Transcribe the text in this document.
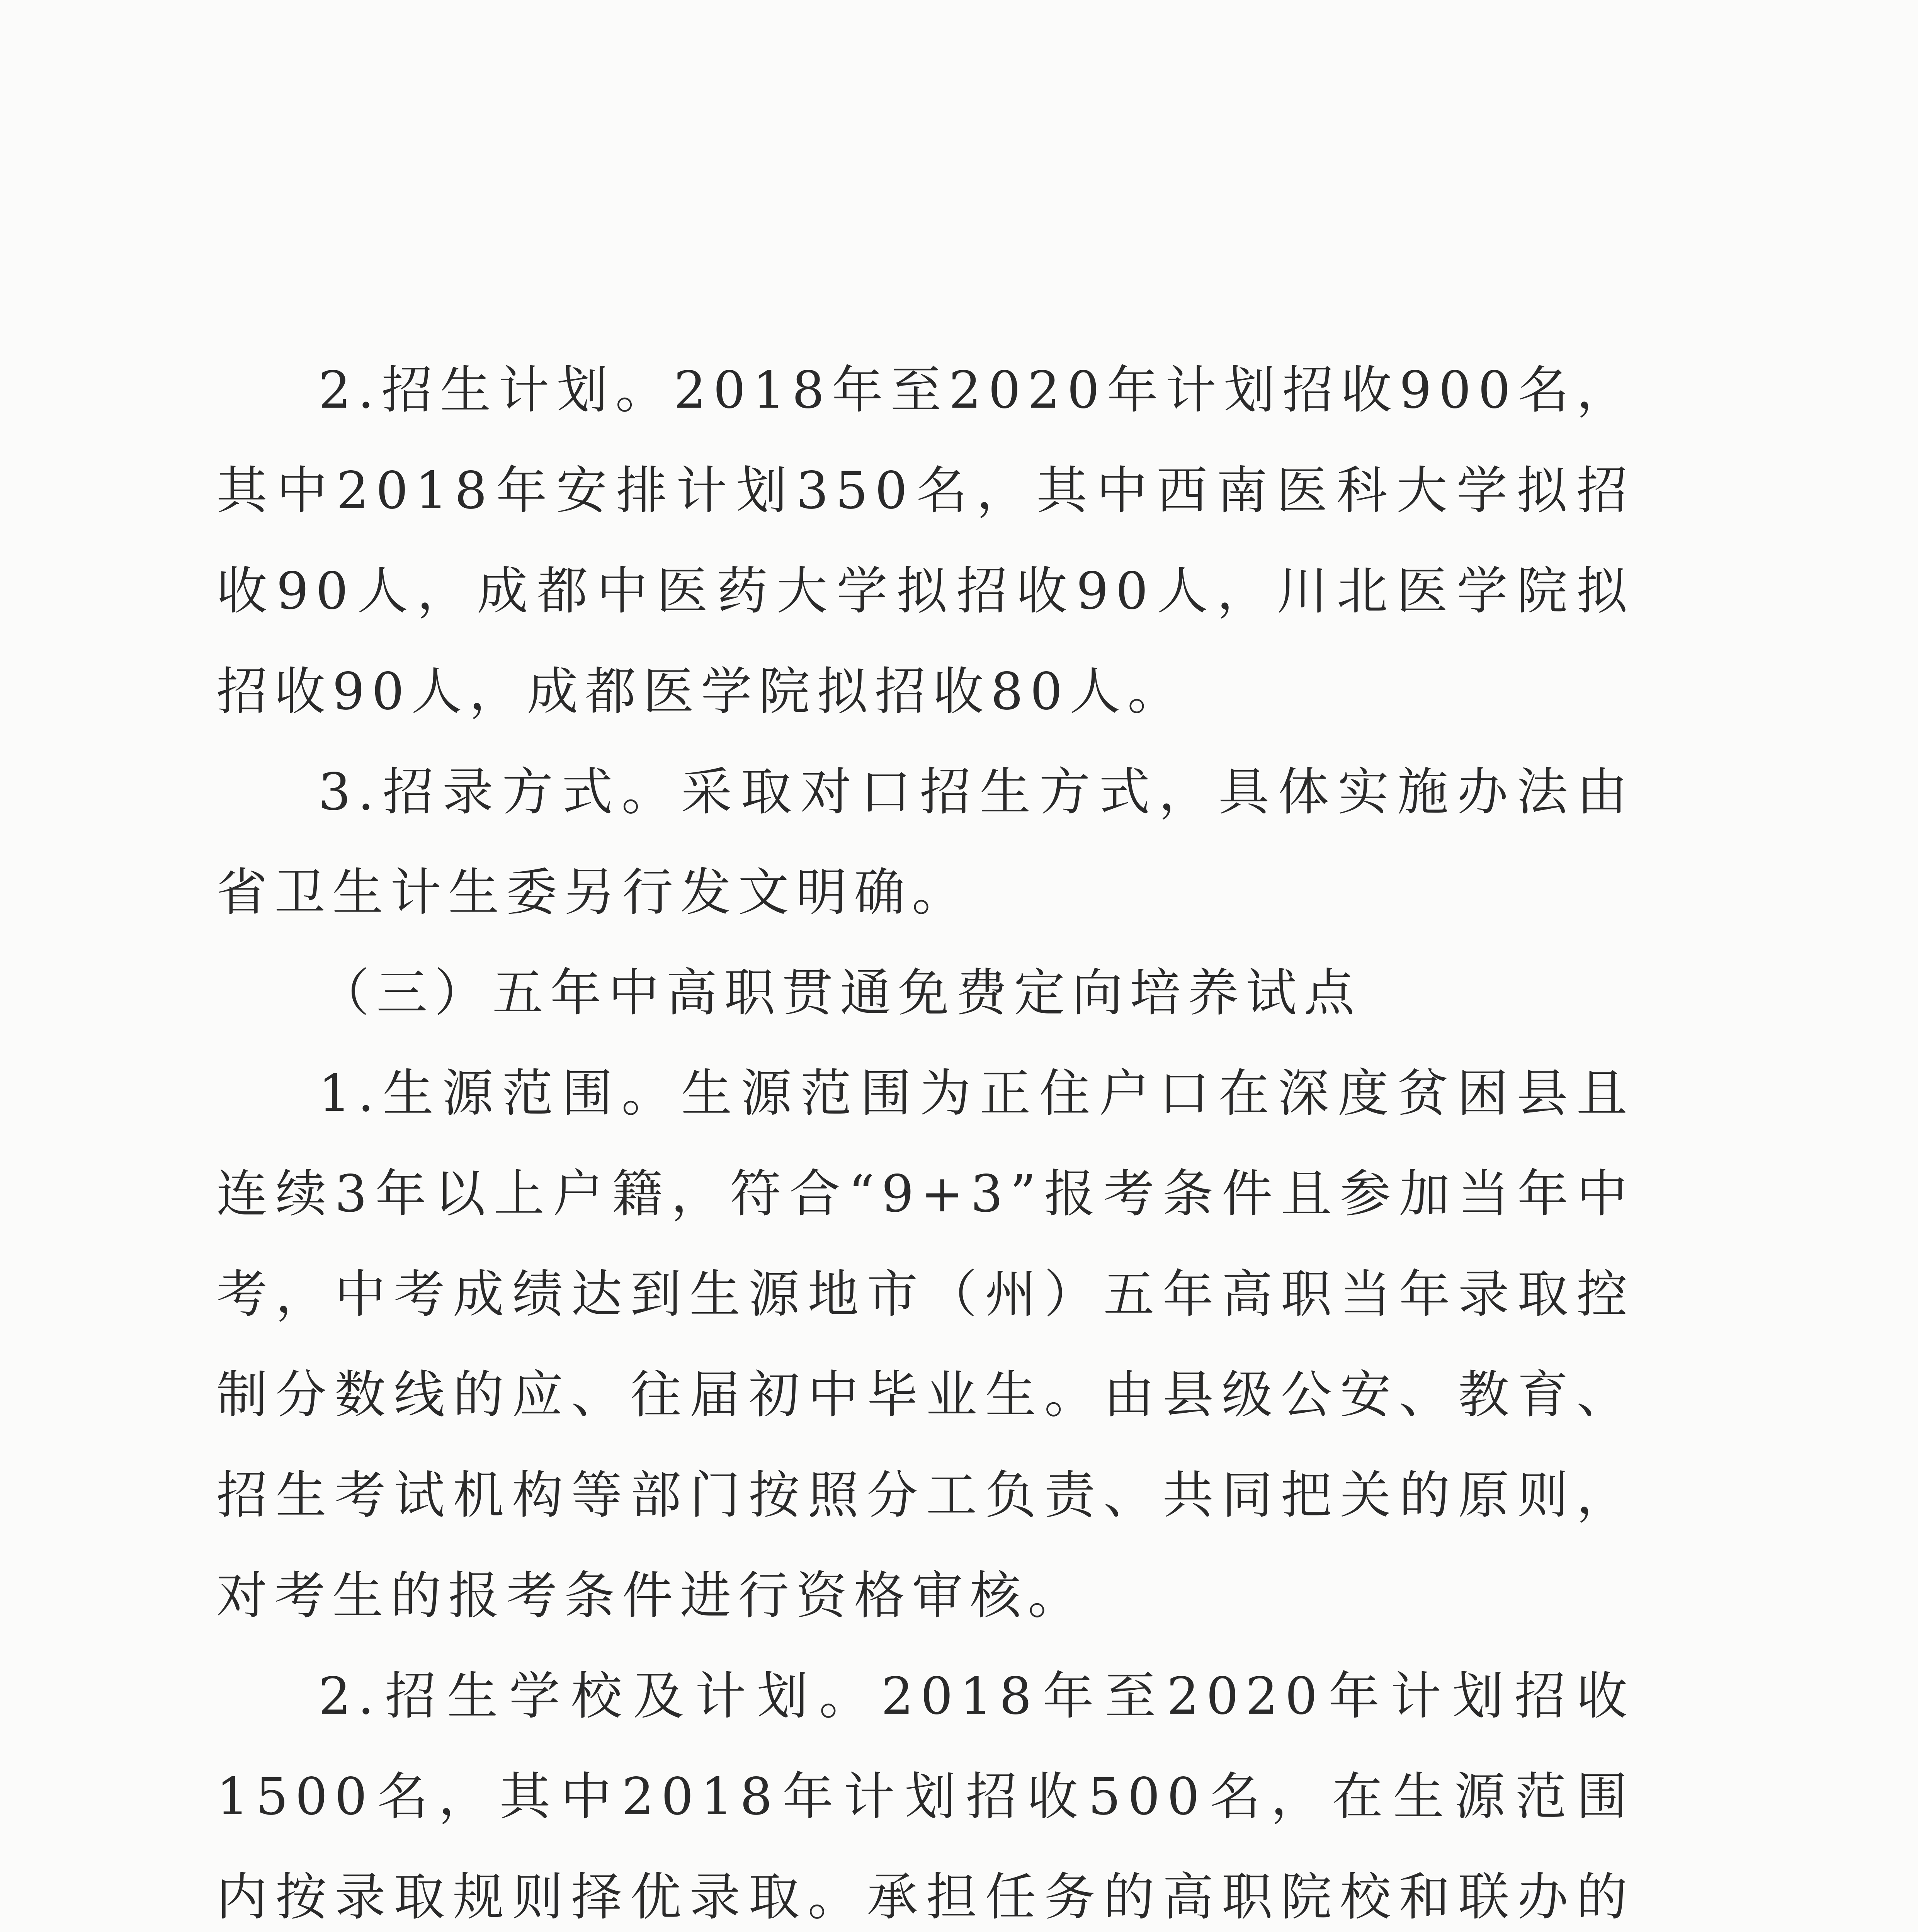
2.招生计划。2018年至2020年计划招收900名，其中2018年安排计划350名，其中西南医科大学拟招收90人，成都中医药大学拟招收90人，川北医学院拟招收90人，成都医学院拟招收80人。

3.招录方式。采取对口招生方式，具体实施办法由省卫生计生委另行发文明确。

（三）五年中高职贯通免费定向培养试点

1.生源范围。生源范围为正住户口在深度贫困县且连续3年以上户籍，符合“9+3”报考条件且参加当年中考，中考成绩达到生源地市（州）五年高职当年录取控制分数线的应、往届初中毕业生。由县级公安、教育、招生考试机构等部门按照分工负责、共同把关的原则，对考生的报考条件进行资格审核。

2.招生学校及计划。2018年至2020年计划招收1500名，其中2018年计划招收500名，在生源范围内按录取规则择优录取。承担任务的高职院校和联办的
